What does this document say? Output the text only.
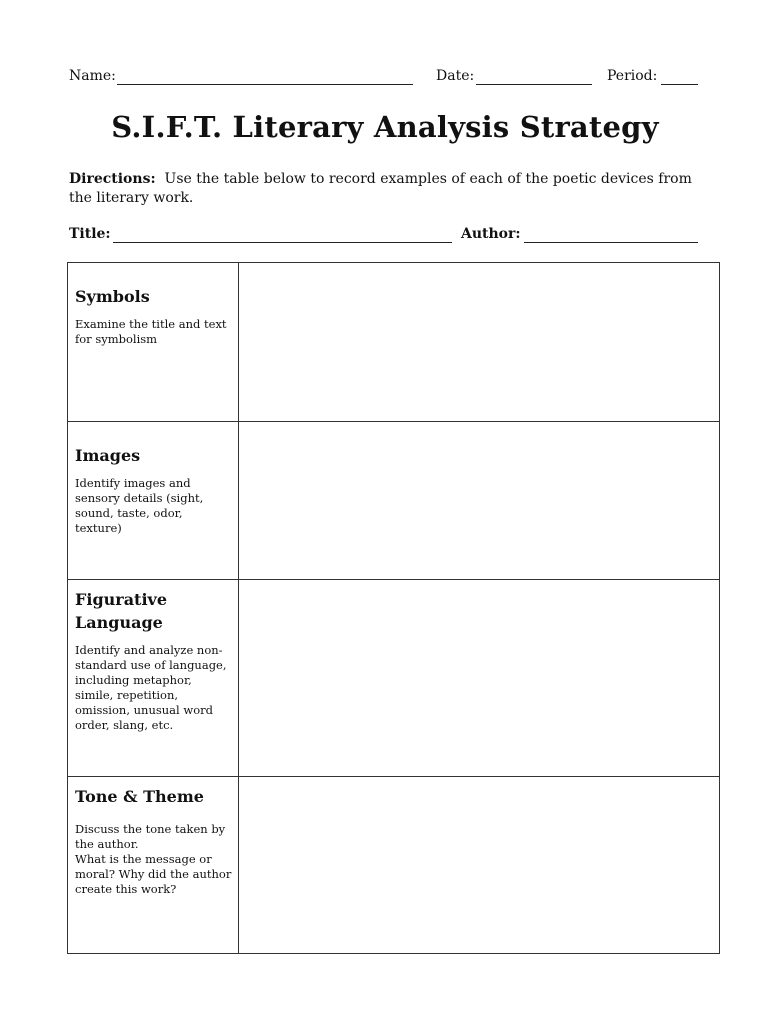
Name:	Date:	Period:
S.I.F.T. Literary Analysis Strategy
Directions: Use the table below to record examples of each of the poetic devices from the literary work.
Title:	Author:
Symbols
Examine the title and text for symbolism	

Images
Identify images and sensory details (sight, sound, taste, odor, texture)	

Figurative Language
Identify and analyze non-standard use of language, including metaphor, simile, repetition, omission, unusual word order, slang, etc.	

Tone & Theme
Discuss the tone taken by the author.
What is the message or moral? Why did the author create this work?	
